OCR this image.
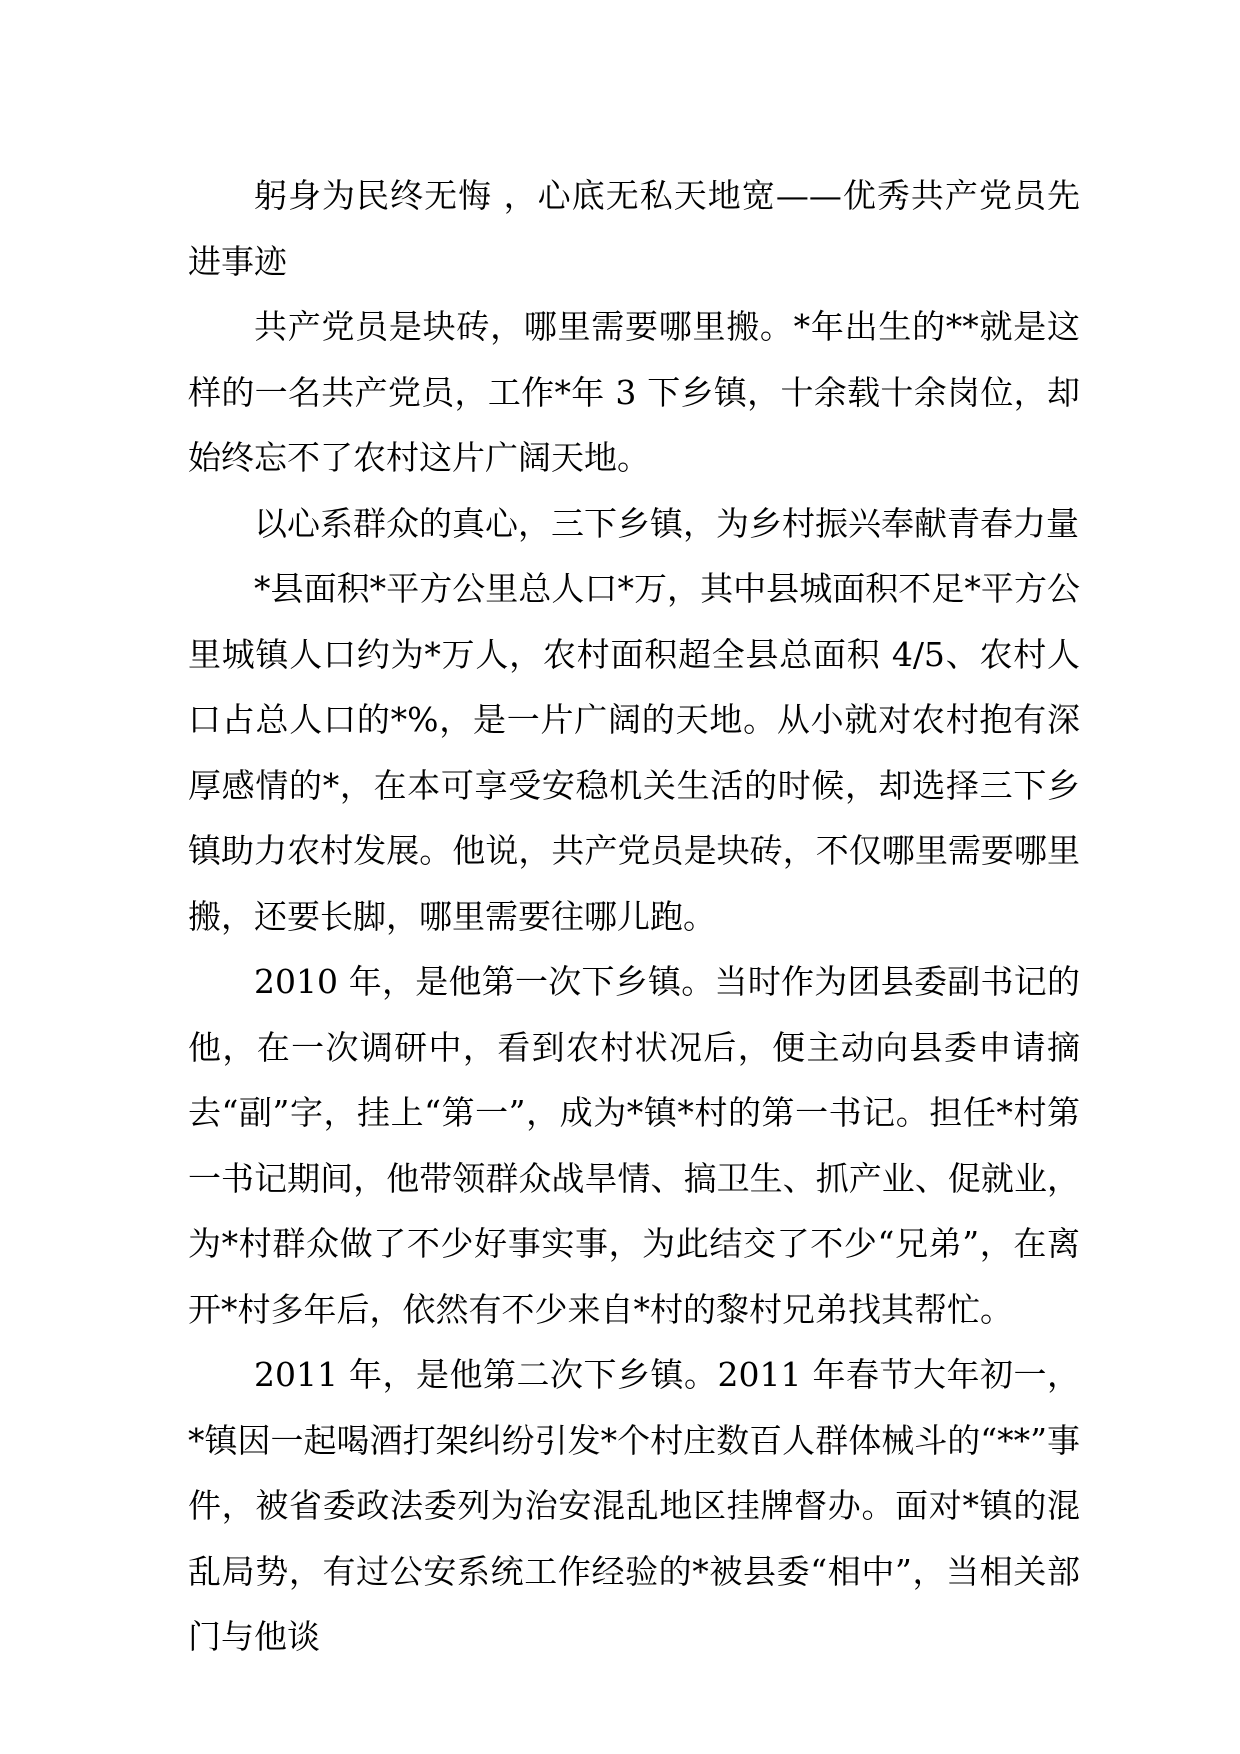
躬身为民终无悔 ，心底无私天地宽——优秀共产党员先进事迹

共产党员是块砖，哪里需要哪里搬。*年出生的**就是这样的一名共产党员，工作*年 3 下乡镇，十余载十余岗位，却始终忘不了农村这片广阔天地。

以心系群众的真心，三下乡镇，为乡村振兴奉献青春力量

*县面积*平方公里总人口*万，其中县城面积不足*平方公里城镇人口约为*万人，农村面积超全县总面积 4/5、农村人口占总人口的*%，是一片广阔的天地。从小就对农村抱有深厚感情的*，在本可享受安稳机关生活的时候，却选择三下乡镇助力农村发展。他说，共产党员是块砖，不仅哪里需要哪里搬，还要长脚，哪里需要往哪儿跑。

2010 年，是他第一次下乡镇。当时作为团县委副书记的他，在一次调研中，看到农村状况后，便主动向县委申请摘去“副”字，挂上“第一”，成为*镇*村的第一书记。担任*村第一书记期间，他带领群众战旱情、搞卫生、抓产业、促就业，为*村群众做了不少好事实事，为此结交了不少“兄弟”，在离开*村多年后，依然有不少来自*村的黎村兄弟找其帮忙。

2011 年，是他第二次下乡镇。2011 年春节大年初一，*镇因一起喝酒打架纠纷引发*个村庄数百人群体械斗的“**”事件，被省委政法委列为治安混乱地区挂牌督办。面对*镇的混乱局势，有过公安系统工作经验的*被县委“相中”，当相关部门与他谈
